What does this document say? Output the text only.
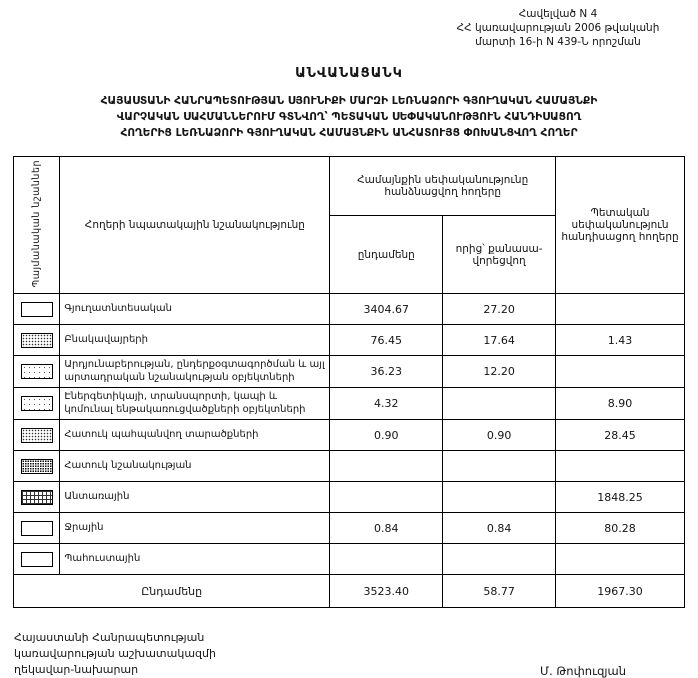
Հավելված N 4
ՀՀ կառավարության 2006 թվականի
մարտի 16-ի N 439-Ն որոշման
ԱՆՎԱՆԱՑԱՆԿ
ՀԱՅԱՍՏԱՆԻ ՀԱՆՐԱՊԵՏՈՒԹՅԱՆ ՍՅՈՒՆԻՔԻ ՄԱՐԶԻ ԼԵՌՆԱՁՈՐԻ ԳՅՈՒՂԱԿԱՆ ՀԱՄԱՅՆՔԻ
ՎԱՐՉԱԿԱՆ ՍԱՀՄԱՆՆԵՐՈՒՄ ԳՏՆՎՈՂ՝ ՊԵՏԱԿԱՆ ՍԵՓԱԿԱՆՈՒԹՅՈՒՆ ՀԱՆԴԻՍԱՑՈՂ
ՀՈՂԵՐԻՑ ԼԵՌՆԱՁՈՐԻ ԳՅՈՒՂԱԿԱՆ ՀԱՄԱՅՆՔԻՆ ԱՆՀԱՏՈՒՅՑ ՓՈԽԱՆՑՎՈՂ ՀՈՂԵՐ
Պայմանական նշաններ	Հողերի նպատակային նշանակությունը	Համայնքին սեփականությունը հանձնացվող հողերը		Պետական սեփականություն հանդիսացող հողերը
		ընդամենը	որից՝ քանասավորեցվող	
	Գյուղատնտեսական	3404.67	27.20	
	Բնակավայրերի	76.45	17.64	1.43
	Արդյունաբերության, ընդերքօգտագործման և այլ արտադրական նշանակության օբյեկտների	36.23	12.20	
	Էներգետիկայի, տրանսպորտի, կապի և կոմունալ ենթակառուցվածքների օբյեկտների	4.32		8.90
	Հատուկ պահպանվող տարածքների	0.90	0.90	28.45
	Հատուկ նշանակության			
	Անտառային			1848.25
	Ջրային	0.84	0.84	80.28
	Պահուստային			
Ընդամենը		3523.40	58.77	1967.30
Հայաստանի Հանրապետության
կառավարության աշխատակազմի
ղեկավար-նախարար	Մ. Թոփուզյան
